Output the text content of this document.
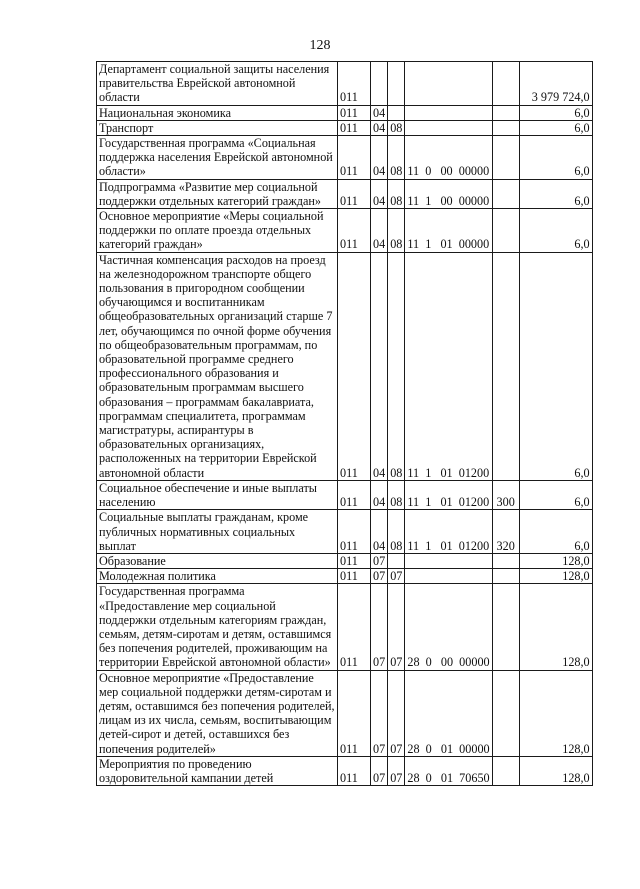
128
Департамент социальной защиты населения правительства Еврейской автономной области	011					3 979 724,0
Национальная экономика	011	04				6,0
Транспорт	011	04	08			6,0
Государственная программа «Социальная поддержка населения Еврейской автономной области»	011	04	08	11  0   00  00000		6,0
Подпрограмма «Развитие мер социальной поддержки отдельных категорий граждан»	011	04	08	11  1   00  00000		6,0
Основное мероприятие «Меры социальной поддержки по оплате проезда отдельных категорий граждан»	011	04	08	11  1   01  00000		6,0
Частичная компенсация расходов на проезд на железнодорожном транспорте общего пользования в пригородном сообщении обучающимся и воспитанникам общеобразовательных организаций старше 7 лет, обучающимся по очной форме обучения по общеобразовательным программам, по образовательной программе среднего профессионального образования и образовательным программам высшего образования – программам бакалавриата, программам специалитета, программам магистратуры, аспирантуры в образовательных организациях, расположенных на территории Еврейской автономной области	011	04	08	11  1   01  01200		6,0
Социальное обеспечение и иные выплаты населению	011	04	08	11  1   01  01200	300	6,0
Социальные выплаты гражданам, кроме публичных нормативных социальных выплат	011	04	08	11  1   01  01200	320	6,0
Образование	011	07				128,0
Молодежная политика	011	07	07			128,0
Государственная программа «Предоставление мер социальной поддержки отдельным категориям граждан, семьям, детям-сиротам и детям, оставшимся без попечения родителей, проживающим на территории Еврейской автономной области»	011	07	07	28  0   00  00000		128,0
Основное мероприятие «Предоставление мер социальной поддержки детям-сиротам и детям, оставшимся без попечения родителей, лицам из их числа, семьям, воспитывающим детей-сирот и детей, оставшихся без попечения родителей»	011	07	07	28  0   01  00000		128,0
Мероприятия по проведению оздоровительной кампании детей	011	07	07	28  0   01  70650		128,0
